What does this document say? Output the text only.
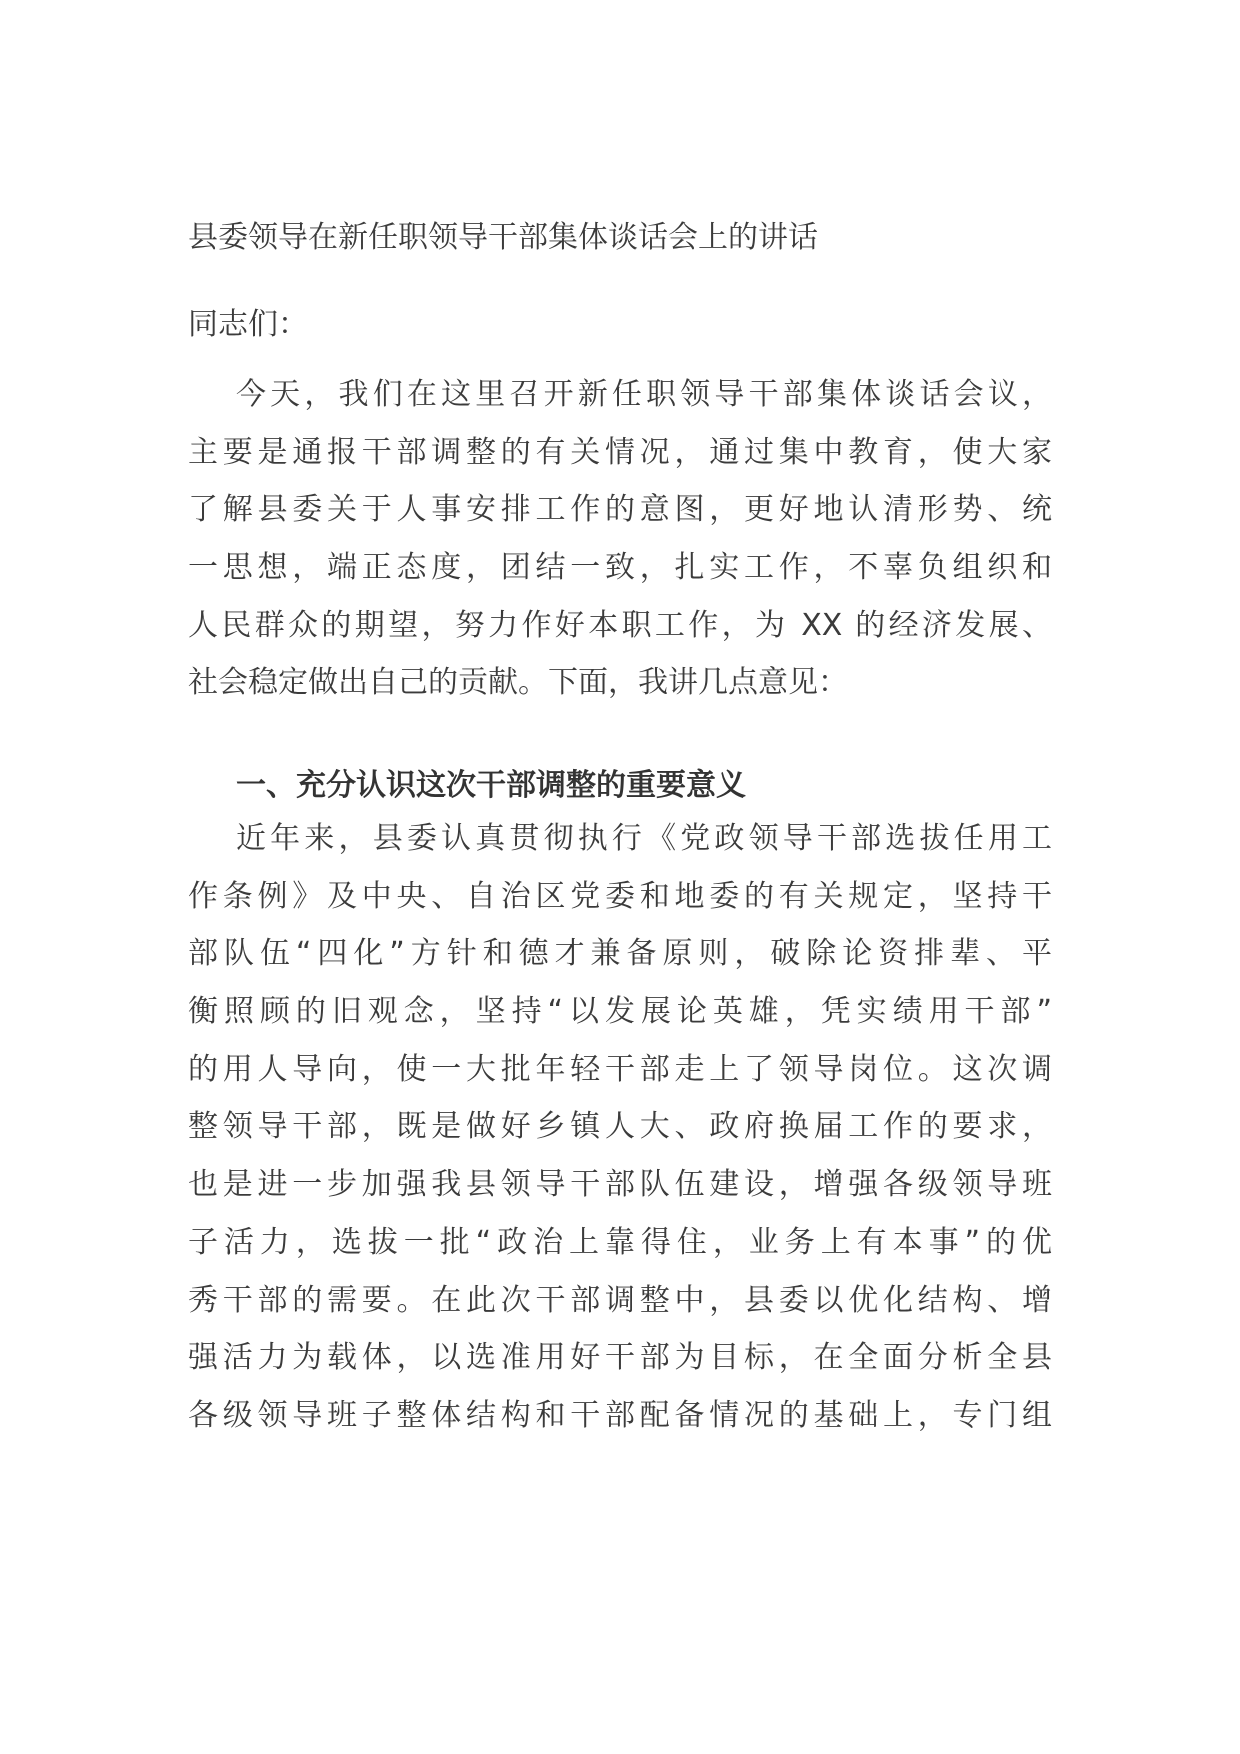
县委领导在新任职领导干部集体谈话会上的讲话
同志们：
今天，我们在这里召开新任职领导干部集体谈话会议，
主要是通报干部调整的有关情况，通过集中教育，使大家
了解县委关于人事安排工作的意图，更好地认清形势、统
一思想，端正态度，团结一致，扎实工作，不辜负组织和
人民群众的期望，努力作好本职工作，为 XX 的经济发展、
社会稳定做出自己的贡献。下面，我讲几点意见：
一、充分认识这次干部调整的重要意义
近年来，县委认真贯彻执行《党政领导干部选拔任用工
作条例》及中央、自治区党委和地委的有关规定，坚持干
部队伍“四化”方针和德才兼备原则，破除论资排辈、平
衡照顾的旧观念，坚持“以发展论英雄，凭实绩用干部”
的用人导向，使一大批年轻干部走上了领导岗位。这次调
整领导干部，既是做好乡镇人大、政府换届工作的要求，
也是进一步加强我县领导干部队伍建设，增强各级领导班
子活力，选拔一批“政治上靠得住，业务上有本事”的优
秀干部的需要。在此次干部调整中，县委以优化结构、增
强活力为载体，以选准用好干部为目标，在全面分析全县
各级领导班子整体结构和干部配备情况的基础上，专门组
